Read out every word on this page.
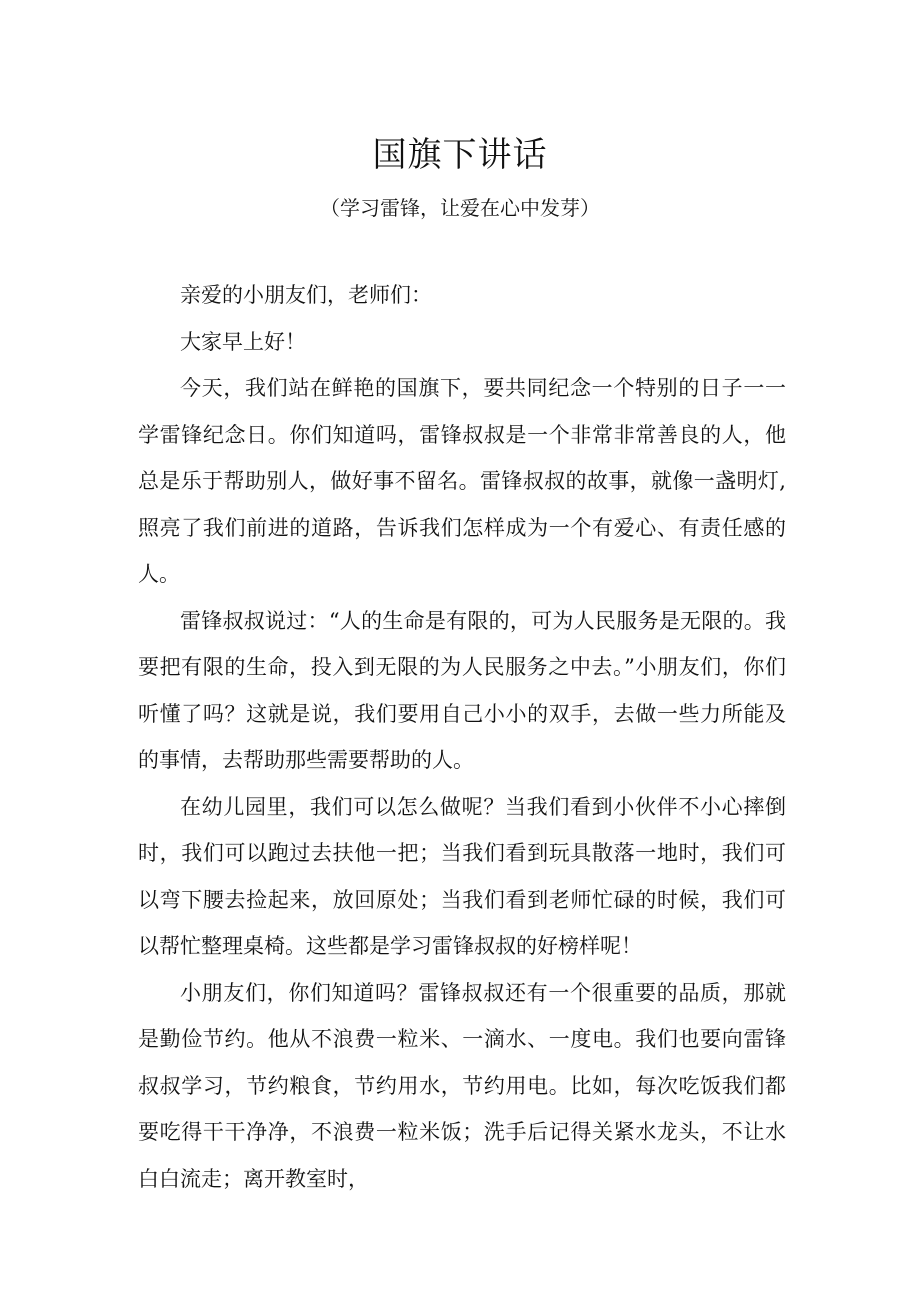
国旗下讲话
（学习雷锋，让爱在心中发芽）

亲爱的小朋友们，老师们：

大家早上好！

今天，我们站在鲜艳的国旗下，要共同纪念一个特别的日子一一学雷锋纪念日。你们知道吗，雷锋叔叔是一个非常非常善良的人，他总是乐于帮助别人，做好事不留名。雷锋叔叔的故事，就像一盏明灯,照亮了我们前进的道路，告诉我们怎样成为一个有爱心、有责任感的人。

雷锋叔叔说过：“人的生命是有限的，可为人民服务是无限的。我要把有限的生命，投入到无限的为人民服务之中去。”小朋友们，你们听懂了吗？这就是说，我们要用自己小小的双手，去做一些力所能及的事情，去帮助那些需要帮助的人。

在幼儿园里，我们可以怎么做呢？当我们看到小伙伴不小心摔倒时，我们可以跑过去扶他一把；当我们看到玩具散落一地时，我们可以弯下腰去捡起来，放回原处；当我们看到老师忙碌的时候，我们可以帮忙整理桌椅。这些都是学习雷锋叔叔的好榜样呢！

小朋友们，你们知道吗？雷锋叔叔还有一个很重要的品质，那就是勤俭节约。他从不浪费一粒米、一滴水、一度电。我们也要向雷锋叔叔学习，节约粮食，节约用水，节约用电。比如，每次吃饭我们都要吃得干干净净，不浪费一粒米饭；洗手后记得关紧水龙头，不让水白白流走；离开教室时，
